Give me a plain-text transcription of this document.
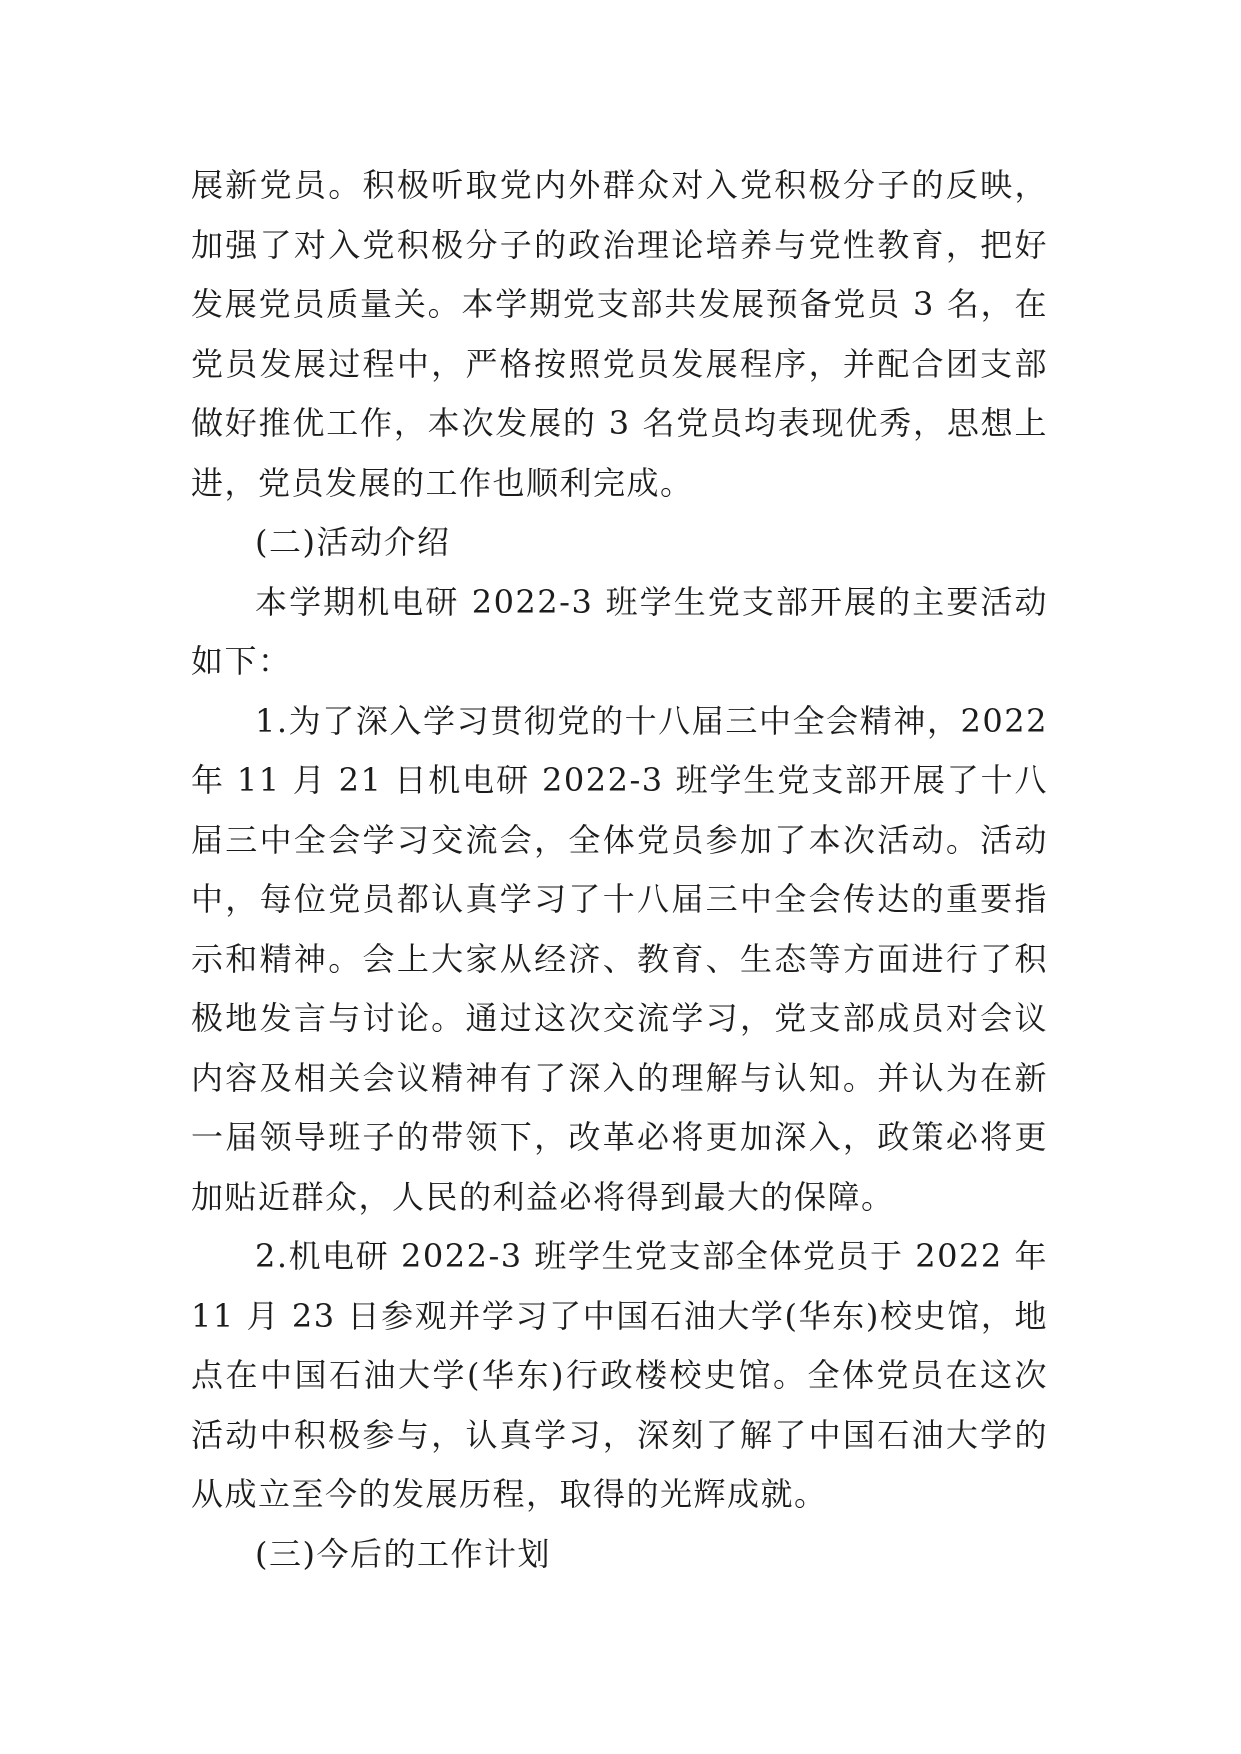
展新党员。积极听取党内外群众对入党积极分子的反映，加强了对入党积极分子的政治理论培养与党性教育，把好发展党员质量关。本学期党支部共发展预备党员 3 名，在党员发展过程中，严格按照党员发展程序，并配合团支部做好推优工作，本次发展的 3 名党员均表现优秀，思想上进，党员发展的工作也顺利完成。

(二)活动介绍

本学期机电研 2022-3 班学生党支部开展的主要活动如下：

1.为了深入学习贯彻党的十八届三中全会精神，2022 年 11 月 21 日机电研 2022-3 班学生党支部开展了十八届三中全会学习交流会，全体党员参加了本次活动。活动中，每位党员都认真学习了十八届三中全会传达的重要指示和精神。会上大家从经济、教育、生态等方面进行了积极地发言与讨论。通过这次交流学习，党支部成员对会议内容及相关会议精神有了深入的理解与认知。并认为在新一届领导班子的带领下，改革必将更加深入，政策必将更加贴近群众，人民的利益必将得到最大的保障。

2.机电研 2022-3 班学生党支部全体党员于 2022 年 11 月 23 日参观并学习了中国石油大学(华东)校史馆，地点在中国石油大学(华东)行政楼校史馆。全体党员在这次活动中积极参与，认真学习，深刻了解了中国石油大学的从成立至今的发展历程，取得的光辉成就。

(三)今后的工作计划
